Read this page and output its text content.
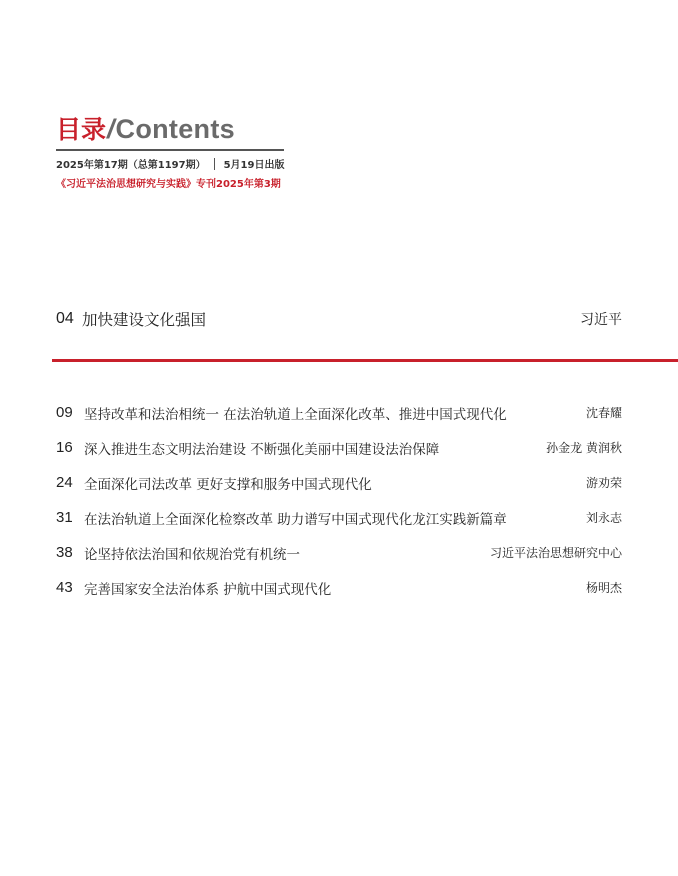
目录 / Contents
2025年第17期（总第1197期） 5月19日出版
《习近平法治思想研究与实践》专刊2025年第3期
04 加快建设文化强国	习近平
09 坚持改革和法治相统一 在法治轨道上全面深化改革、推进中国式现代化	沈春耀
16 深入推进生态文明法治建设 不断强化美丽中国建设法治保障	孙金龙 黄润秋
24 全面深化司法改革 更好支撑和服务中国式现代化	游劝荣
31 在法治轨道上全面深化检察改革 助力谱写中国式现代化龙江实践新篇章	刘永志
38 论坚持依法治国和依规治党有机统一	习近平法治思想研究中心
43 完善国家安全法治体系 护航中国式现代化	杨明杰
